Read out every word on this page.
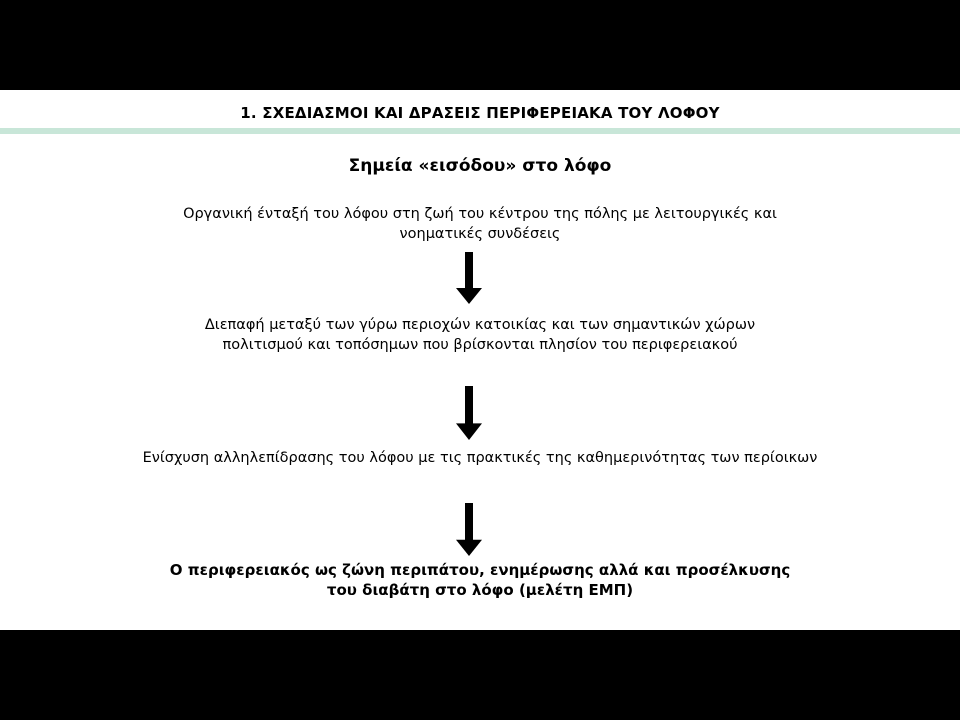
1. ΣΧΕΔΙΑΣΜΟΙ ΚΑΙ ΔΡΑΣΕΙΣ ΠΕΡΙΦΕΡΕΙΑΚΑ ΤΟΥ ΛΟΦΟΥ
Σημεία «εισόδου» στο λόφο
Οργανική ένταξή του λόφου στη ζωή του κέντρου της πόλης με λειτουργικές και
νοηματικές συνδέσεις
Διεπαφή μεταξύ των γύρω περιοχών κατοικίας και των σημαντικών χώρων
πολιτισμού και τοπόσημων που βρίσκονται πλησίον του περιφερειακού
Ενίσχυση αλληλεπίδρασης του λόφου με τις πρακτικές της καθημερινότητας των περίοικων
Ο περιφερειακός ως ζώνη περιπάτου, ενημέρωσης αλλά και προσέλκυσης
του διαβάτη στο λόφο (μελέτη ΕΜΠ)
